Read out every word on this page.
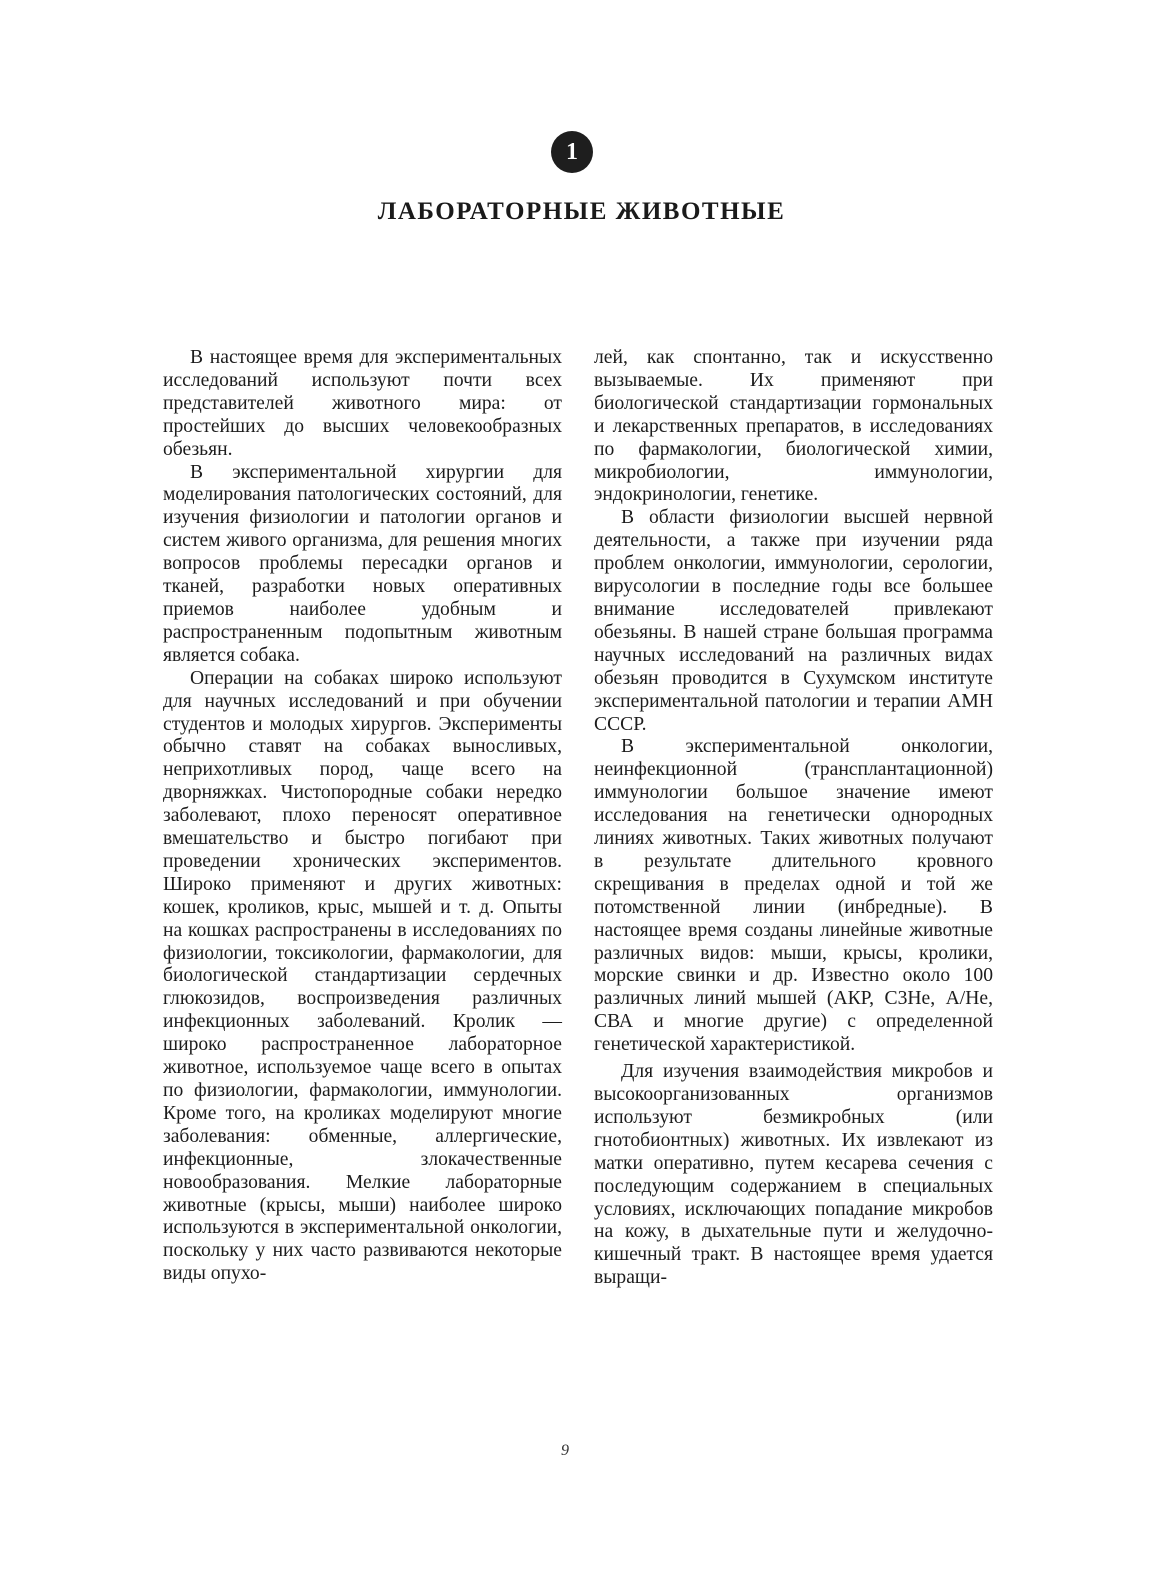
1
ЛАБОРАТОРНЫЕ ЖИВОТНЫЕ

В настоящее время для экспериментальных исследований используют почти всех представителей животного мира: от простейших до высших человекообразных обезьян.

В экспериментальной хирургии для моделирования патологических состояний, для изучения физиологии и патологии органов и систем живого организма, для решения многих вопросов проблемы пересадки органов и тканей, разработки новых оперативных приемов наиболее удобным и распространенным подопытным животным является собака.

Операции на собаках широко используют для научных исследований и при обучении студентов и молодых хирургов. Эксперименты обычно ставят на собаках выносливых, неприхотливых пород, чаще всего на дворняжках. Чистопородные собаки нередко заболевают, плохо переносят оперативное вмешательство и быстро погибают при проведении хронических экспериментов. Широко применяют и других животных: кошек, кроликов, крыс, мышей и т. д. Опыты на кошках распространены в исследованиях по физиологии, токсикологии, фармакологии, для биологической стандартизации сердечных глюкозидов, воспроизведения различных инфекционных заболеваний. Кролик — широко распространенное лабораторное животное, используемое чаще всего в опытах по физиологии, фармакологии, иммунологии. Кроме того, на кроликах моделируют многие заболевания: обменные, аллергические, инфекционные, злокачественные новообразования. Мелкие лабораторные животные (крысы, мыши) наиболее широко используются в экспериментальной онкологии, поскольку у них часто развиваются некоторые виды опухо-

лей, как спонтанно, так и искусственно вызываемые. Их применяют при биологической стандартизации гормональных и лекарственных препаратов, в исследованиях по фармакологии, биологической химии, микробиологии, иммунологии, эндокринологии, генетике.

В области физиологии высшей нервной деятельности, а также при изучении ряда проблем онкологии, иммунологии, серологии, вирусологии в последние годы все большее внимание исследователей привлекают обезьяны. В нашей стране большая программа научных исследований на различных видах обезьян проводится в Сухумском институте экспериментальной патологии и терапии АМН СССР.

В экспериментальной онкологии, неинфекционной (трансплантационной) иммунологии большое значение имеют исследования на генетически однородных линиях животных. Таких животных получают в результате длительного кровного скрещивания в пределах одной и той же потомственной линии (инбредные). В настоящее время созданы линейные животные различных видов: мыши, крысы, кролики, морские свинки и др. Известно около 100 различных линий мышей (АКР, С3Не, А/Не, СВА и многие другие) с определенной генетической характеристикой.

Для изучения взаимодействия микробов и высокоорганизованных организмов используют безмикробных (или гнотобионтных) животных. Их извлекают из матки оперативно, путем кесарева сечения с последующим содержанием в специальных условиях, исключающих попадание микробов на кожу, в дыхательные пути и желудочно-кишечный тракт. В настоящее время удается выращи-

9
